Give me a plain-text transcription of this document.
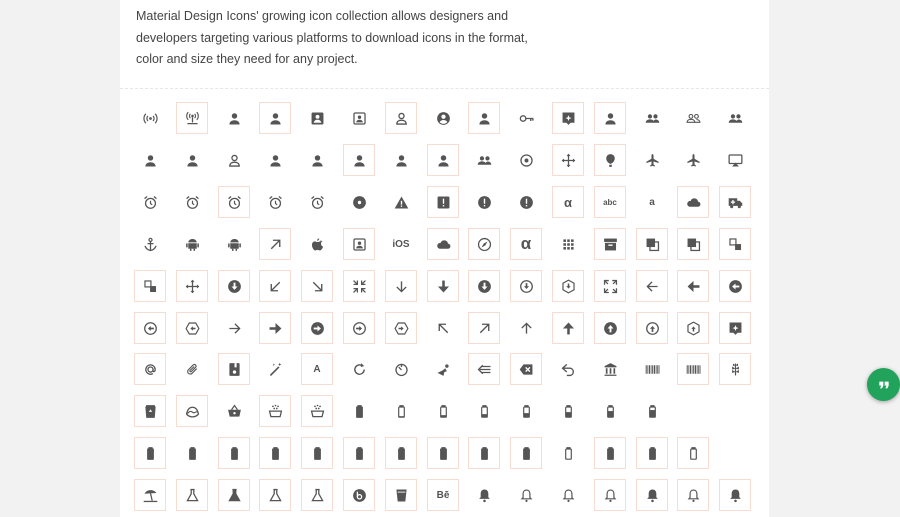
Material Design Icons' growing icon collection allows designers and developers targeting various platforms to download icons in the format, color and size they need for any project.

α	abc	a
iOS	α
A
Bē
